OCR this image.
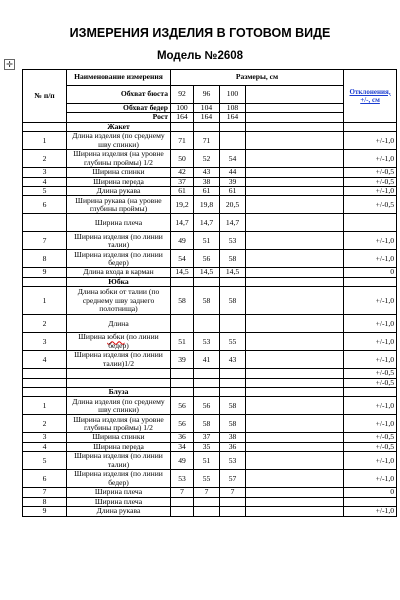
ИЗМЕРЕНИЯ ИЗДЕЛИЯ В ГОТОВОМ ВИДЕ
Модель №2608
✛
№ п/п	Наименование измерения	Размеры, см				Отклонения, +/-, см
	Обхват бюста	92	96	100		
	Обхват бедер	100	104	108		
	Рост	164	164	164		
	Жакет					
1	Длина изделия (по среднему шву спинки)	71	71			+/-1,0
2	Ширина изделия (на уровне глубины проймы) 1/2	50	52	54		+/-1,0
3	Ширина спинки	42	43	44		+/-0,5
4	Ширина переда	37	38	39		+/-0,5
5	Длина рукава	61	61	61		+/-1,0
6	Ширина рукава (на уровне глубины проймы)	19,2	19,8	20,5		+/-0,5
	Ширина плеча	14,7	14,7	14,7		
7	Ширина изделия (по линии талии)	49	51	53		+/-1,0
8	Ширина изделия (по линии бедер)	54	56	58		+/-1,0
9	Длина входа в карман	14,5	14,5	14,5		0
	Юбка					
1	Длина юбки от талии (по среднему шву заднего полотнища)	58	58	58		+/-1,0
2	Длина					+/-1,0
3	Ширина юбки (по линии бедер)	51	53	55		+/-1,0
4	Ширина изделия (по линии талии)1/2	39	41	43		+/-1,0
						+/-0,5
						+/-0,5
	Блуза					
1	Длина изделия (по среднему шву спинки)	56	56	58		+/-1,0
2	Ширина изделия (на уровне глубины проймы) 1/2	56	58	58		+/-1,0
3	Ширина спинки	36	37	38		+/-0,5
4	Ширина переда	34	35	36		+/-0,5
5	Ширина изделия (по линии талии)	49	51	53		+/-1,0
6	Ширина изделия (по линии бедер)	53	55	57		+/-1,0
7	Ширина плеча	7	7	7		0
8	Ширина плеча					
9	Длина рукава					+/-1,0
